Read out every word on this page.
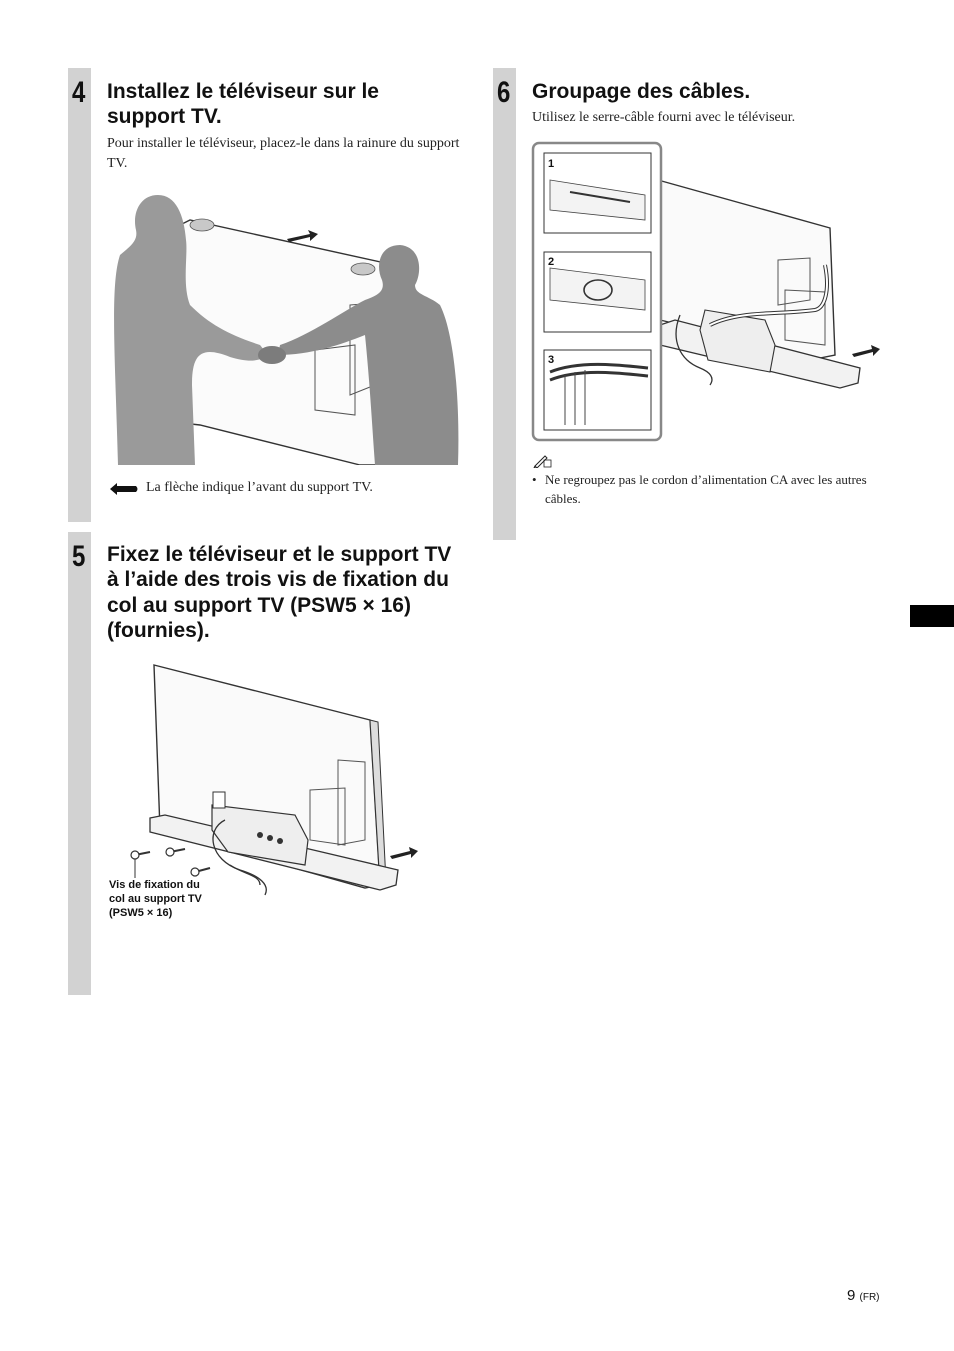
4 Installez le téléviseur sur le support TV.
Pour installer le téléviseur, placez-le dans la rainure du support TV.
La flèche indique l’avant du support TV.
5 Fixez le téléviseur et le support TV à l’aide des trois vis de fixation du col au support TV (PSW5 × 16) (fournies).
Vis de fixation du col au support TV (PSW5 × 16)
6 Groupage des câbles.
Utilisez le serre-câble fourni avec le téléviseur.
1
2
3
• Ne regroupez pas le cordon d’alimentation CA avec les autres câbles.
9 (FR)
